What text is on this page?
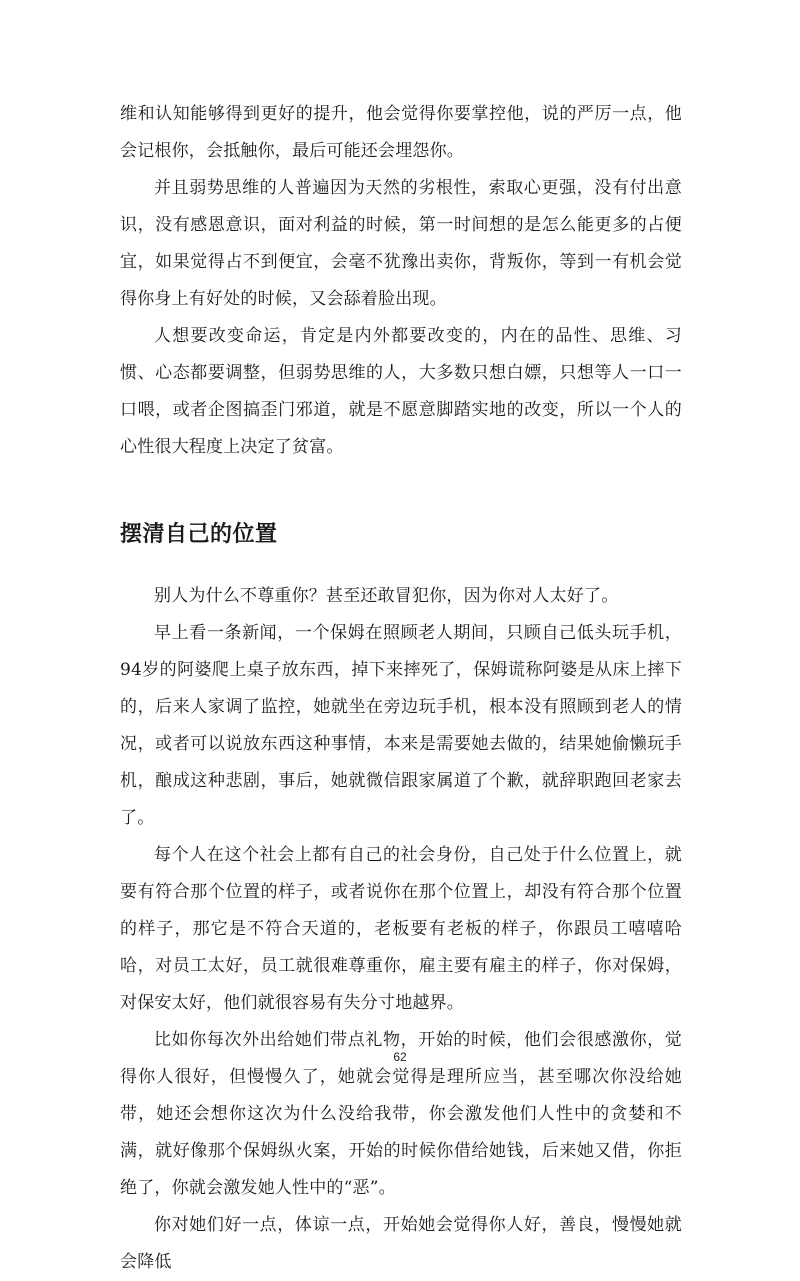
维和认知能够得到更好的提升，他会觉得你要掌控他，说的严厉一点，他会记根你，会抵触你，最后可能还会埋怨你。

并且弱势思维的人普遍因为天然的劣根性，索取心更强，没有付出意识，没有感恩意识，面对利益的时候，第一时间想的是怎么能更多的占便宜，如果觉得占不到便宜，会毫不犹豫出卖你，背叛你，等到一有机会觉得你身上有好处的时候，又会舔着脸出现。

人想要改变命运，肯定是内外都要改变的，内在的品性、思维、习惯、心态都要调整，但弱势思维的人，大多数只想白嫖，只想等人一口一口喂，或者企图搞歪门邪道，就是不愿意脚踏实地的改变，所以一个人的心性很大程度上决定了贫富。

摆清自己的位置

别人为什么不尊重你？甚至还敢冒犯你，因为你对人太好了。

早上看一条新闻，一个保姆在照顾老人期间，只顾自己低头玩手机，94岁的阿婆爬上桌子放东西，掉下来摔死了，保姆谎称阿婆是从床上摔下的，后来人家调了监控，她就坐在旁边玩手机，根本没有照顾到老人的情况，或者可以说放东西这种事情，本来是需要她去做的，结果她偷懒玩手机，酿成这种悲剧，事后，她就微信跟家属道了个歉，就辞职跑回老家去了。

每个人在这个社会上都有自己的社会身份，自己处于什么位置上，就要有符合那个位置的样子，或者说你在那个位置上，却没有符合那个位置的样子，那它是不符合天道的，老板要有老板的样子，你跟员工嘻嘻哈哈，对员工太好，员工就很难尊重你，雇主要有雇主的样子，你对保姆，对保安太好，他们就很容易有失分寸地越界。

比如你每次外出给她们带点礼物，开始的时候，他们会很感激你，觉得你人很好，但慢慢久了，她就会觉得是理所应当，甚至哪次你没给她带，她还会想你这次为什么没给我带，你会激发他们人性中的贪婪和不满，就好像那个保姆纵火案，开始的时候你借给她钱，后来她又借，你拒绝了，你就会激发她人性中的“恶”。

你对她们好一点，体谅一点，开始她会觉得你人好，善良，慢慢她就会降低

62
